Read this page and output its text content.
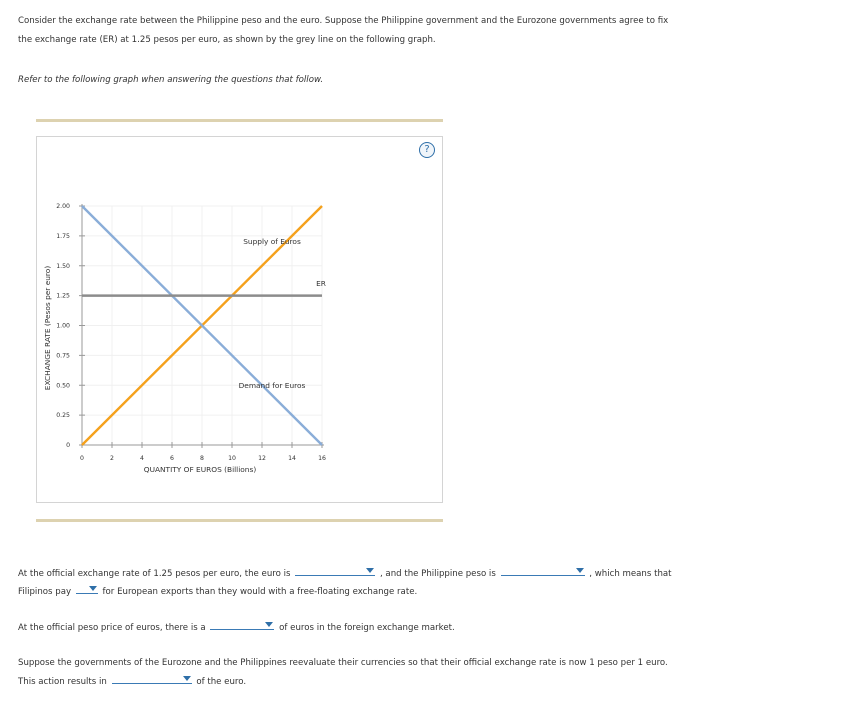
Consider the exchange rate between the Philippine peso and the euro. Suppose the Philippine government and the Eurozone governments agree to fix
the exchange rate (ER) at 1.25 pesos per euro, as shown by the grey line on the following graph.
Refer to the following graph when answering the questions that follow.
?
0	2	4	6	8	10	12	14	16
0
0.25
0.50
0.75
1.00
1.25
1.50
1.75
2.00
Supply of Euros
Demand for Euros
ER
QUANTITY OF EUROS (Billions)
EXCHANGE RATE (Pesos per euro)
At the official exchange rate of 1.25 pesos per euro, the euro is	, and the Philippine peso is	, which means that
Filipinos pay	for European exports than they would with a free-floating exchange rate.
At the official peso price of euros, there is a	of euros in the foreign exchange market.
Suppose the governments of the Eurozone and the Philippines reevaluate their currencies so that their official exchange rate is now 1 peso per 1 euro.
This action results in	of the euro.
